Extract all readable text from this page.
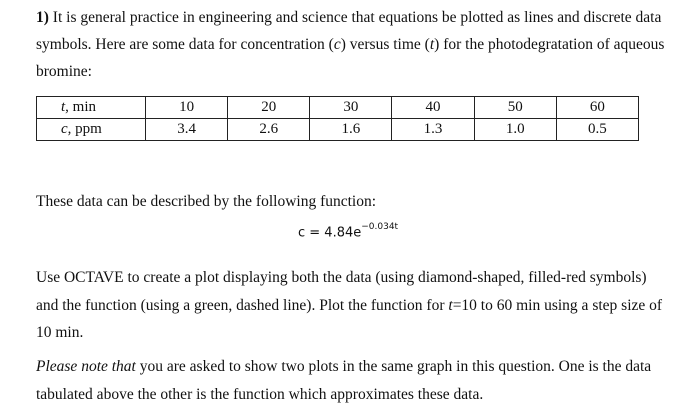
1) It is general practice in engineering and science that equations be plotted as lines and discrete data symbols. Here are some data for concentration (c) versus time (t) for the photodegratation of aqueous bromine:
t, min	10	20	30	40	50	60
c, ppm	3.4	2.6	1.6	1.3	1.0	0.5
These data can be described by the following function:
$c = 4.84e^{-0.034t}$
Use OCTAVE to create a plot displaying both the data (using diamond-shaped, filled-red symbols) and the function (using a green, dashed line). Plot the function for t=10 to 60 min using a step size of 10 min.
Please note that you are asked to show two plots in the same graph in this question. One is the data tabulated above the other is the function which approximates these data.
